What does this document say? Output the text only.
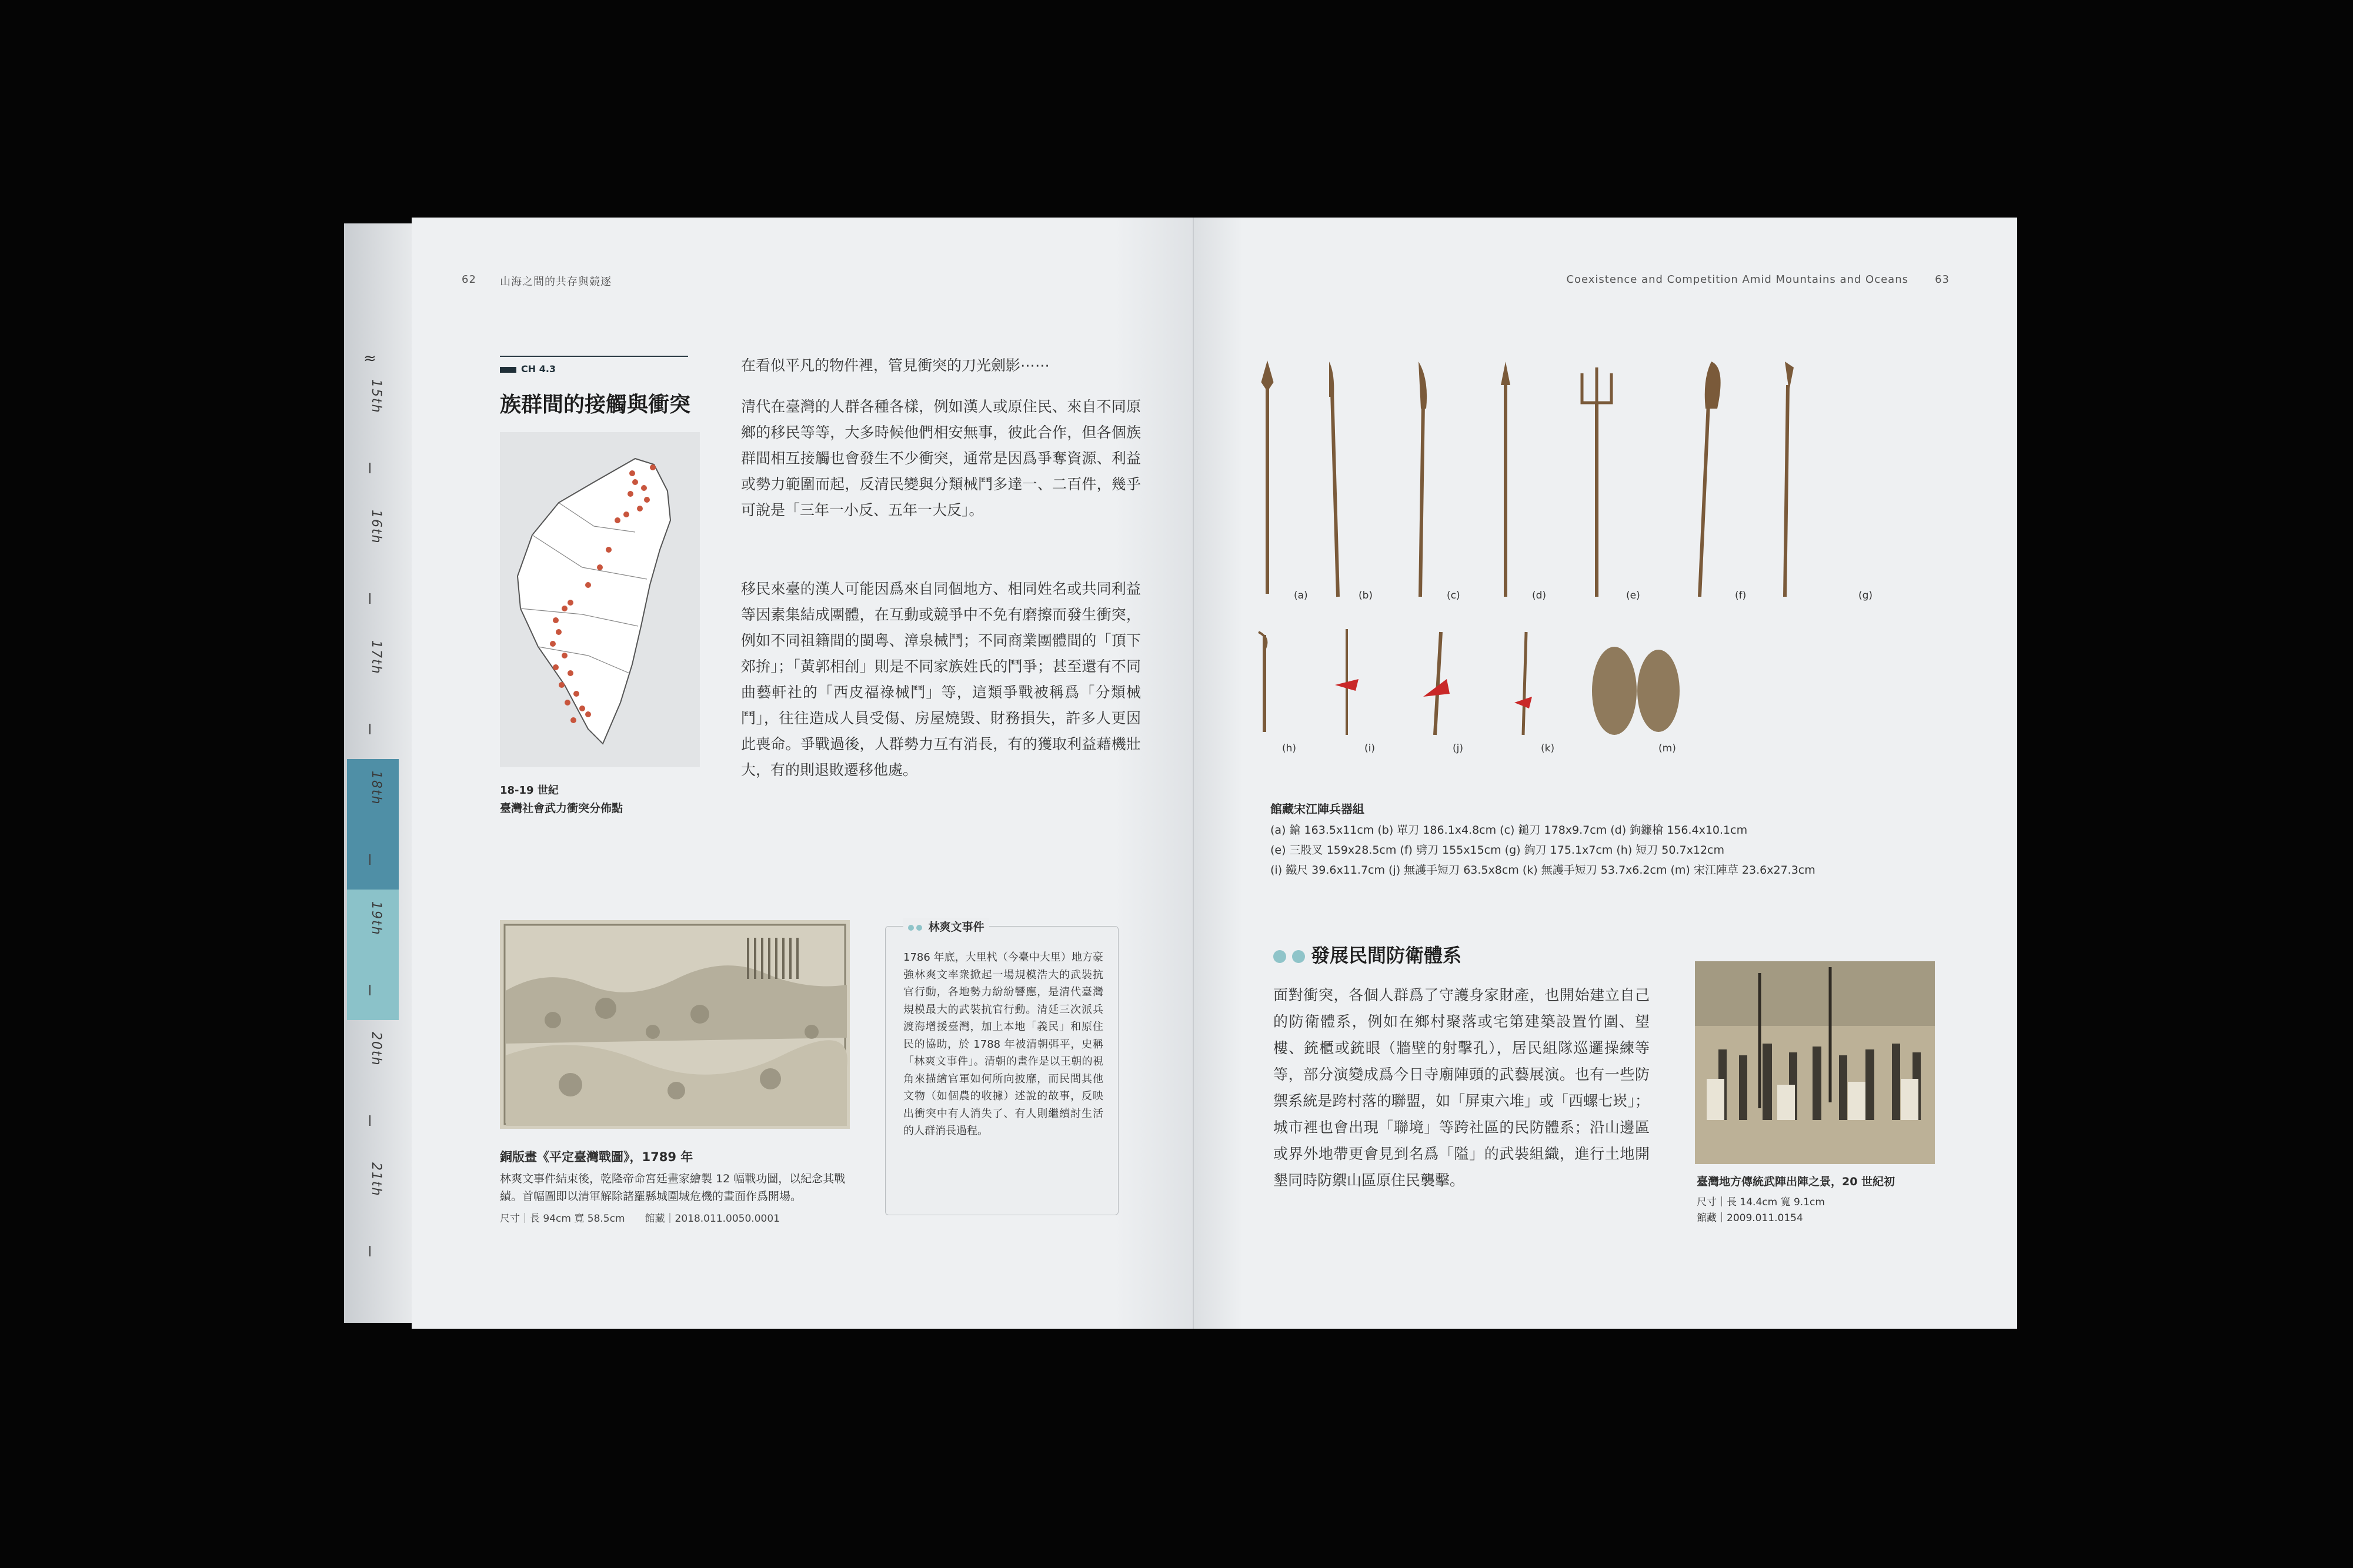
62 山海之間的共存與競逐
CH 4.3
族群間的接觸與衝突
18-19 世紀
臺灣社會武力衝突分佈點
在看似平凡的物件裡，管見衝突的刀光劍影⋯⋯
清代在臺灣的人群各種各樣，例如漢人或原住民、來自不同原鄉的移民等等，大多時候他們相安無事，彼此合作，但各個族群間相互接觸也會發生不少衝突，通常是因爲爭奪資源、利益或勢力範圍而起，反清民變與分類械鬥多達一、二百件，幾乎可說是「三年一小反、五年一大反」。
移民來臺的漢人可能因爲來自同個地方、相同姓名或共同利益等因素集結成團體，在互動或競爭中不免有磨擦而發生衝突，例如不同祖籍間的閩粵、漳泉械鬥；不同商業團體間的「頂下郊拚」；「黃郭相刣」則是不同家族姓氏的鬥爭；甚至還有不同曲藝軒社的「西皮福祿械鬥」等，這類爭戰被稱爲「分類械鬥」，往往造成人員受傷、房屋燒毀、財務損失，許多人更因此喪命。爭戰過後，人群勢力互有消長，有的獲取利益藉機壯大，有的則退敗遷移他處。
銅版畫《平定臺灣戰圖》，1789 年
林爽文事件結束後，乾隆帝命宮廷畫家繪製 12 幅戰功圖，以紀念其戰績。首幅圖即以清軍解除諸羅縣城圍城危機的畫面作爲開場。
尺寸｜長 94cm 寬 58.5cm　　館藏｜2018.011.0050.0001
林爽文事件
1786 年底，大里杙（今臺中大里）地方豪強林爽文率衆掀起一場規模浩大的武裝抗官行動，各地勢力紛紛響應，是清代臺灣規模最大的武裝抗官行動。清廷三次派兵渡海增援臺灣，加上本地「義民」和原住民的協助，於 1788 年被清朝弭平，史稱「林爽文事件」。清朝的畫作是以王朝的視角來描繪官軍如何所向披靡，而民間其他文物（如個農的收據）述說的故事，反映出衝突中有人消失了、有人則繼續討生活的人群消長過程。
≈
15th
16th
17th
18th
19th
20th
21th
Coexistence and Competition Amid Mountains and Oceans	63
(a)	(b)	(c)	(d)	(e)	(f)	(g)
(h)	(i)	(j)	(k)	(m)
館藏宋江陣兵器組
(a) 鎗 163.5x11cm (b) 單刀 186.1x4.8cm (c) 鎚刀 178x9.7cm (d) 鉤鐮槍 156.4x10.1cm
(e) 三股叉 159x28.5cm (f) 劈刀 155x15cm (g) 鉤刀 175.1x7cm (h) 短刀 50.7x12cm
(i) 鐵尺 39.6x11.7cm (j) 無護手短刀 63.5x8cm (k) 無護手短刀 53.7x6.2cm (m) 宋江陣草 23.6x27.3cm
發展民間防衛體系
面對衝突，各個人群爲了守護身家財產，也開始建立自己的防衛體系，例如在鄉村聚落或宅第建築設置竹圍、望樓、銃櫃或銃眼（牆壁的射擊孔），居民組隊巡邏操練等等，部分演變成爲今日寺廟陣頭的武藝展演。也有一些防禦系統是跨村落的聯盟，如「屏東六堆」或「西螺七崁」；城市裡也會出現「聯境」等跨社區的民防體系；沿山邊區或界外地帶更會見到名爲「隘」的武裝組織，進行土地開墾同時防禦山區原住民襲擊。	臺灣地方傳統武陣出陣之景，20 世紀初
尺寸｜長 14.4cm 寬 9.1cm
館藏｜2009.011.0154
